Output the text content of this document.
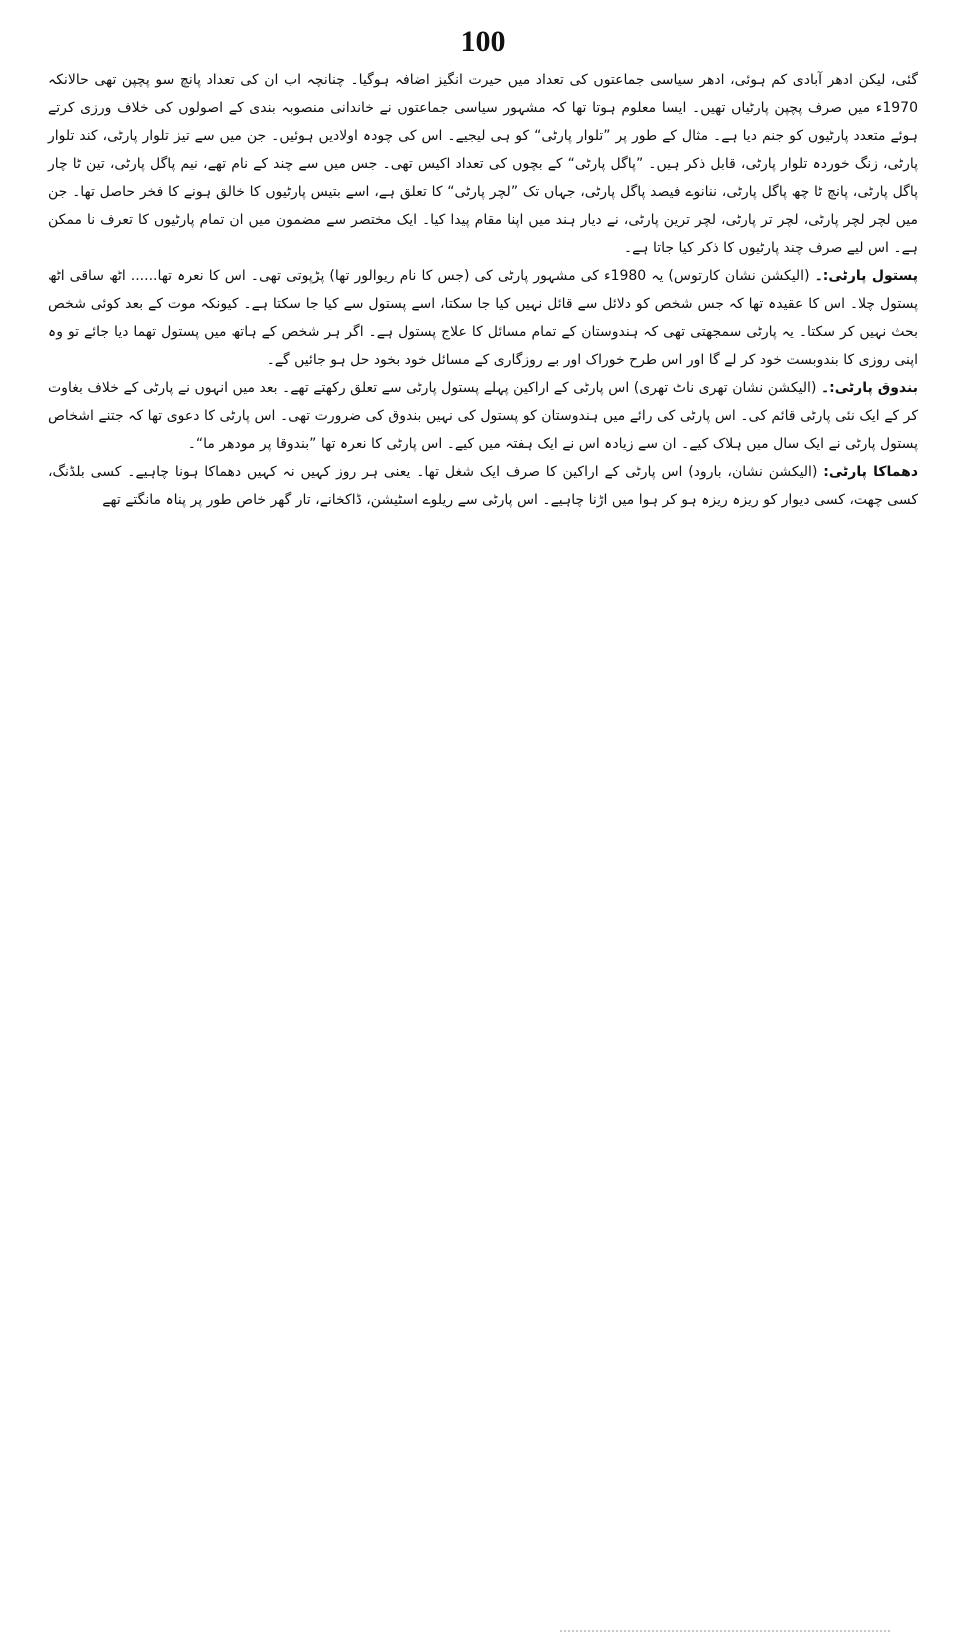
100

گئی، لیکن ادھر آبادی کم ہوئی، ادھر سیاسی جماعتوں کی تعداد میں حیرت انگیز اضافہ ہوگیا۔ چنانچہ اب ان کی تعداد پانچ سو پچپن تھی حالانکہ 1970ء میں صرف پچپن پارٹیاں تھیں۔ ایسا معلوم ہوتا تھا کہ مشہور سیاسی جماعتوں نے خاندانی منصوبہ بندی کے اصولوں کی خلاف ورزی کرتے ہوئے متعدد پارٹیوں کو جنم دیا ہے۔ مثال کے طور پر ”تلوار پارٹی“ کو ہی لیجیے۔ اس کی چودہ اولادیں ہوئیں۔ جن میں سے تیز تلوار پارٹی، کند تلوار پارٹی، زنگ خوردہ تلوار پارٹی، قابل ذکر ہیں۔ ”پاگل پارٹی“ کے بچوں کی تعداد اکیس تھی۔ جس میں سے چند کے نام تھے، نیم پاگل پارٹی، تین ٹا چار پاگل پارٹی، پانچ ٹا چھ پاگل پارٹی، ننانوے فیصد پاگل پارٹی، جہاں تک ”لچر پارٹی“ کا تعلق ہے، اسے بتیس پارٹیوں کا خالق ہونے کا فخر حاصل تھا۔ جن میں لچر لچر پارٹی، لچر تر پارٹی، لچر ترین پارٹی، نے دیار ہند میں اپنا مقام پیدا کیا۔ ایک مختصر سے مضمون میں ان تمام پارٹیوں کا تعرف نا ممکن ہے۔ اس لیے صرف چند پارٹیوں کا ذکر کیا جاتا ہے۔

پستول پارٹی:۔ (الیکشن نشان کارتوس) یہ 1980ء کی مشہور پارٹی کی (جس کا نام ریوالور تھا) پڑپوتی تھی۔ اس کا نعرہ تھا...... اٹھ ساقی اٹھ پستول چلا۔ اس کا عقیدہ تھا کہ جس شخص کو دلائل سے قائل نہیں کیا جا سکتا، اسے پستول سے کیا جا سکتا ہے۔ کیونکہ موت کے بعد کوئی شخص بحث نہیں کر سکتا۔ یہ پارٹی سمجھتی تھی کہ ہندوستان کے تمام مسائل کا علاج پستول ہے۔ اگر ہر شخص کے ہاتھ میں پستول تھما دیا جائے تو وہ اپنی روزی کا بندوبست خود کر لے گا اور اس طرح خوراک اور بے روزگاری کے مسائل خود بخود حل ہو جائیں گے۔

بندوق پارٹی:۔ (الیکشن نشان تھری ناٹ تھری) اس پارٹی کے اراکین پہلے پستول پارٹی سے تعلق رکھتے تھے۔ بعد میں انہوں نے پارٹی کے خلاف بغاوت کر کے ایک نئی پارٹی قائم کی۔ اس پارٹی کی رائے میں ہندوستان کو پستول کی نہیں بندوق کی ضرورت تھی۔ اس پارٹی کا دعوی تھا کہ جتنے اشخاص پستول پارٹی نے ایک سال میں ہلاک کیے۔ ان سے زیادہ اس نے ایک ہفتہ میں کیے۔ اس پارٹی کا نعرہ تھا ”بندوقا پر مودھر ما“۔

دھماکا پارٹی: (الیکشن نشان، بارود) اس پارٹی کے اراکین کا صرف ایک شغل تھا۔ یعنی ہر روز کہیں نہ کہیں دھماکا ہونا چاہیے۔ کسی بلڈنگ، کسی چھت، کسی دیوار کو ریزہ ریزہ ہو کر ہوا میں اڑنا چاہیے۔ اس پارٹی سے ریلوے اسٹیشن، ڈاکخانے، تار گھر خاص طور پر پناہ مانگتے تھے
